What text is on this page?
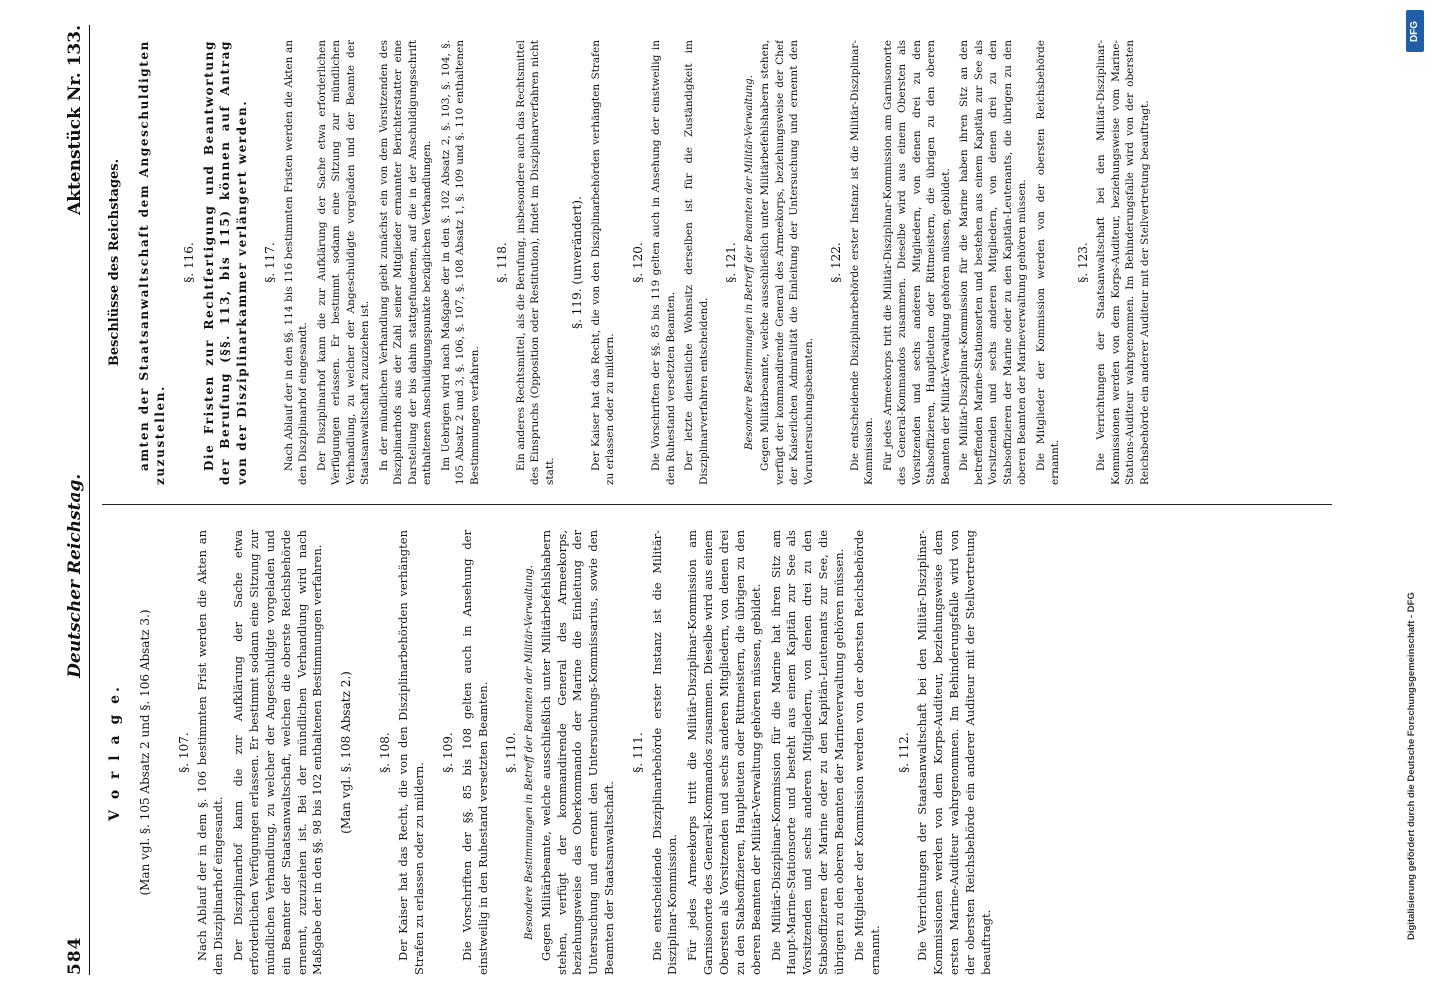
584
Deutscher Reichstag.
Aktenstück Nr. 133.
V o r l a g e. (Man vgl. §. 105 Absatz 2 und §. 106 Absatz 3.) §. 107. Nach Ablauf der in dem §. 106 bestimmten Frist werden die Akten an den Disziplinarhof eingesandt. Der Disziplinarhof kann die zur Aufklärung der Sache etwa erforderlichen Verfügungen erlassen. Er bestimmt sodann eine Sitzung zur mündlichen Verhandlung, zu welcher der Angeschuldigte vorgeladen und ein Beamter der Staatsanwaltschaft, welchen die oberste Reichsbehörde ernennt, zuzuziehen ist. Bei der mündlichen Verhandlung wird nach Maßgabe der in den §§. 98 bis 102 enthaltenen Bestimmungen verfahren. (Man vgl. §. 108 Absatz 2.) §. 108. Der Kaiser hat das Recht, die von den Disziplinarbehörden verhängten Strafen zu erlassen oder zu mildern.
§. 109. Die Vorschriften der §§. 85 bis 108 gelten auch in Ansehung der einstweilig in den Ruhestand versetzten Beamten. §. 110. Besondere Bestimmungen in Betreff der Beamten der Militär-Verwaltung. Gegen Militärbeamte, welche ausschließlich unter Militärbefehlshabern stehen, verfügt der kommandirende General des Armeekorps, beziehungsweise das Oberkommando der Marine die Einleitung der Untersuchung und ernennt den Untersuchungs-Kommissarius, sowie den Beamten der Staatsanwaltschaft.
§. 111. Die entscheidende Disziplinarbehörde erster Instanz ist die Militär-Disziplinar-Kommission. Für jedes Armeekorps tritt die Militär-Disziplinar-Kommission am Garnisonorte des General-Kommandos zusammen. Dieselbe wird aus einem Obersten als Vorsitzenden und sechs anderen Mitgliedern, von denen drei zu den Stabsoffizieren, Hauptleuten oder Rittmeistern, die übrigen zu den oberen Beamten der Militär-Verwaltung gehören müssen, gebildet. Die Militär-Disziplinar-Kommission für die Marine hat ihren Sitz am Haupt-Marine-Stationsorte und besteht aus einem Kapitän zur See als Vorsitzenden und sechs anderen Mitgliedern, von denen drei zu den Stabsoffizieren der Marine oder zu den Kapitän-Leutenants zur See, die übrigen zu den oberen Beamten der Marineverwaltung gehören müssen. Die Mitglieder der Kommission werden von der obersten Reichsbehörde ernannt.
§. 112. Die Verrichtungen der Staatsanwaltschaft bei den Militär-Disziplinar-Kommissionen werden von dem Korps-Auditeur, beziehungsweise dem ersten Marine-Auditeur wahrgenommen. Im Behinderungsfalle wird von der obersten Reichsbehörde ein anderer Auditeur mit der Stellvertretung beauftragt.
Beschlüsse des Reichstages. amten der Staatsanwaltschaft dem Angeschuldigten zuzustellen.
§. 116. Die Fristen zur Rechtfertigung und Beantwortung der Berufung (§§. 113, bis 115) können auf Antrag von der Disziplinarkammer verlängert werden. §. 117. Nach Ablauf der in den §§. 114 bis 116 bestimmten Fristen werden die Akten an den Disziplinarhof eingesandt. Der Disziplinarhof kann die zur Aufklärung der Sache etwa erforderlichen Verfügungen erlassen. Er bestimmt sodann eine Sitzung zur mündlichen Verhandlung, zu welcher der Angeschuldigte vorgeladen und der Beamte der Staatsanwaltschaft zuzuziehen ist. In der mündlichen Verhandlung giebt zunächst ein von dem Vorsitzenden des Disziplinarhofs aus der Zahl seiner Mitglieder ernannter Berichterstatter eine Darstellung der bis dahin stattgefundenen, auf die in der Anschuldigungsschrift enthaltenen Anschuldigungspunkte bezüglichen Verhandlungen. Im Uebrigen wird nach Maßgabe der in den §. 102 Absatz 2, §. 103, §. 104, §. 105 Absatz 2 und 3, §. 106, §. 107, §. 108 Absatz 1, §. 109 und §. 110 enthaltenen Bestimmungen verfahren.
§. 118. Ein anderes Rechtsmittel, als die Berufung, insbesondere auch das Rechtsmittel des Einspruchs (Opposition oder Restitution), findet im Disziplinarverfahren nicht statt.
§. 119. (unverändert). Der Kaiser hat das Recht, die von den Disziplinarbehörden verhängten Strafen zu erlassen oder zu mildern.
§. 120. Die Vorschriften der §§. 85 bis 119 gelten auch in Ansehung der einstweilig in den Ruhestand versetzten Beamten. Der letzte dienstliche Wohnsitz derselben ist für die Zuständigkeit im Disziplinarverfahren entscheidend.
§. 121. Besondere Bestimmungen in Betreff der Beamten der Militär-Verwaltung. Gegen Militärbeamte, welche ausschließlich unter Militärbefehlshabern stehen, verfügt der kommandirende General des Armeekorps, beziehungsweise der Chef der Kaiserlichen Admiralität die Einleitung der Untersuchung und ernennt den Voruntersuchungsbeamten.
§. 122. Die entscheidende Disziplinarbehörde erster Instanz ist die Militär-Disziplinar-Kommission. Für jedes Armeekorps tritt die Militär-Disziplinar-Kommission am Garnisonorte des General-Kommandos zusammen. Dieselbe wird aus einem Obersten als Vorsitzenden und sechs anderen Mitgliedern, von denen drei zu den Stabsoffizieren, Hauptleuten oder Rittmeistern, die übrigen zu den oberen Beamten der Militär-Verwaltung gehören müssen, gebildet. Die Militär-Disziplinar-Kommission für die Marine haben ihren Sitz an den betreffenden Marine-Stationsorten und bestehen aus einem Kapitän zur See als Vorsitzenden und sechs anderen Mitgliedern, von denen drei zu den Stabsoffizieren der Marine oder zu den Kapitän-Leutenants, die übrigen zu den oberen Beamten der Marineverwaltung gehören müssen. Die Mitglieder der Kommission werden von der obersten Reichsbehörde ernannt.
§. 123. Die Verrichtungen der Staatsanwaltschaft bei den Militär-Disziplinar-Kommissionen werden von dem Korps-Auditeur, beziehungsweise vom Marine-Stations-Auditeur wahrgenommen. Im Behinderungsfalle wird von der obersten Reichsbehörde ein anderer Auditeur mit der Stellvertretung beauftragt.
DFG
Digitalisierung gefördert durch die Deutsche Forschungsgemeinschaft - DFG
